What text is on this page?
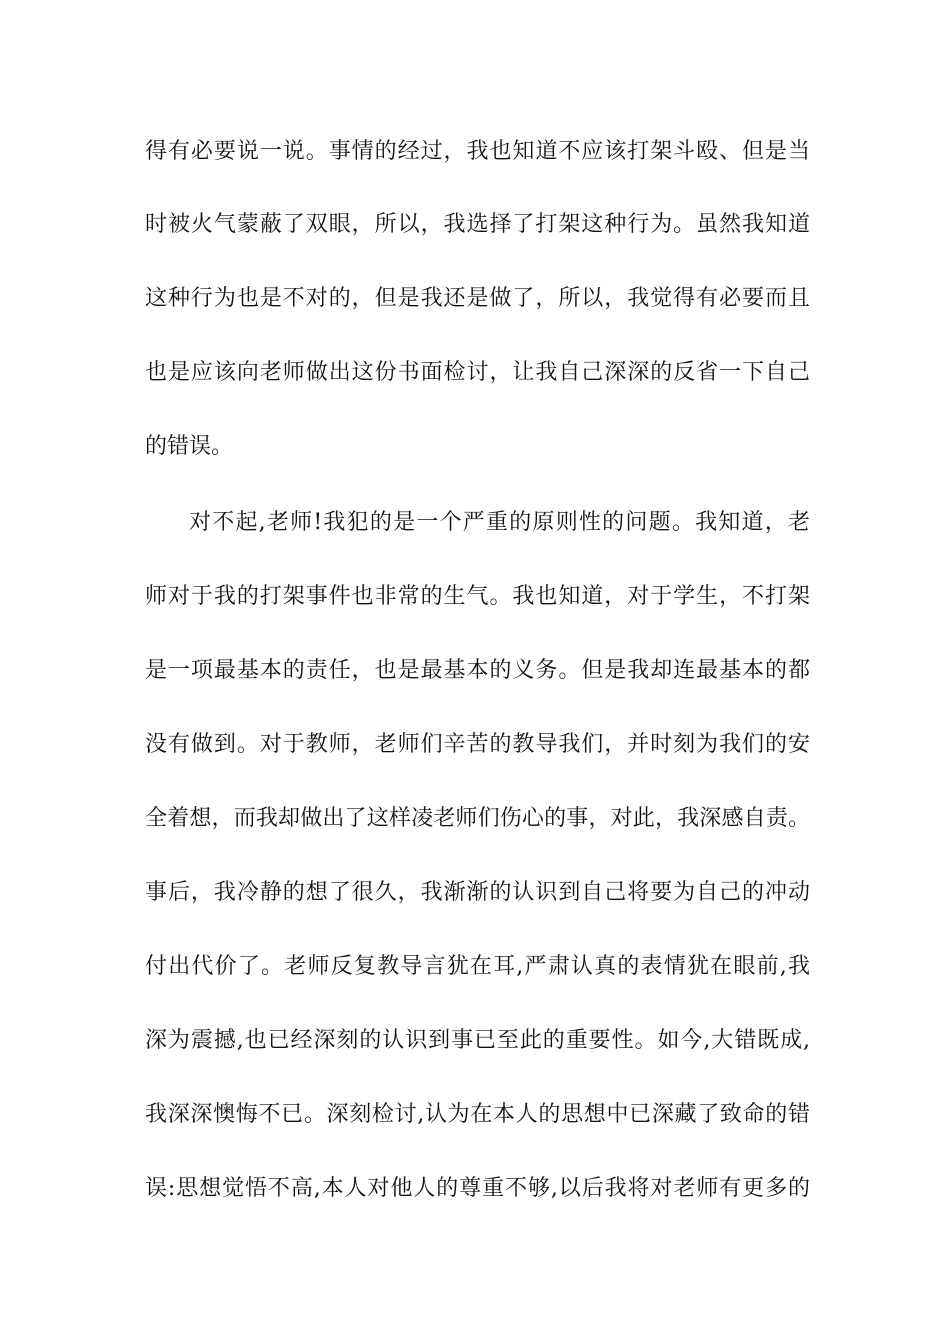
得有必要说一说。事情的经过，我也知道不应该打架斗殴、但是当
时被火气蒙蔽了双眼，所以，我选择了打架这种行为。虽然我知道
这种行为也是不对的，但是我还是做了，所以，我觉得有必要而且
也是应该向老师做出这份书面检讨，让我自己深深的反省一下自己
的错误。
对不起,老师!我犯的是一个严重的原则性的问题。我知道，老
师对于我的打架事件也非常的生气。我也知道，对于学生，不打架
是一项最基本的责任，也是最基本的义务。但是我却连最基本的都
没有做到。对于教师，老师们辛苦的教导我们，并时刻为我们的安
全着想，而我却做出了这样凌老师们伤心的事，对此，我深感自责。
事后，我冷静的想了很久，我渐渐的认识到自己将要为自己的冲动
付出代价了。老师反复教导言犹在耳,严肃认真的表情犹在眼前,我
深为震撼,也已经深刻的认识到事已至此的重要性。如今,大错既成,
我深深懊悔不已。深刻检讨,认为在本人的思想中已深藏了致命的错
误:思想觉悟不高,本人对他人的尊重不够,以后我将对老师有更多的
